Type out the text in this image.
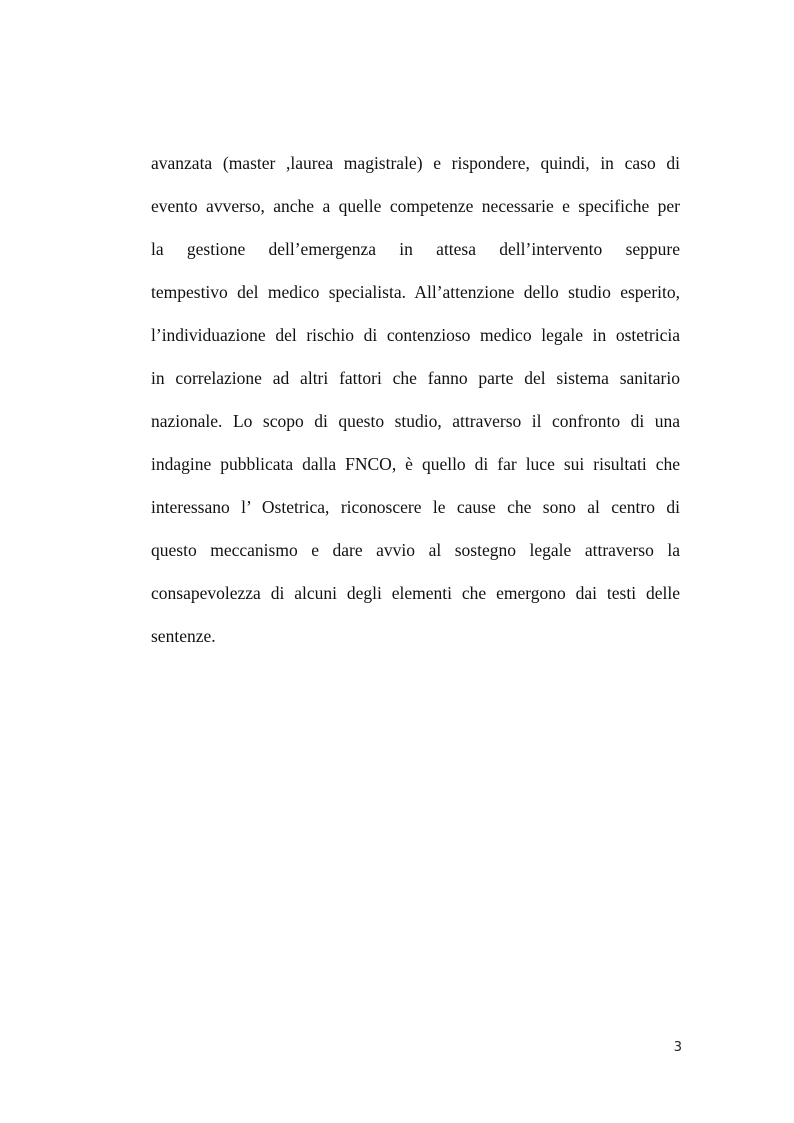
avanzata (master ,laurea magistrale) e rispondere, quindi, in caso di
evento avverso, anche a quelle competenze necessarie e specifiche per
la gestione dell’emergenza in attesa dell’intervento seppure
tempestivo del medico specialista. All’attenzione dello studio esperito,
l’individuazione del rischio di contenzioso medico legale in ostetricia
in correlazione ad altri fattori che fanno parte del sistema sanitario
nazionale. Lo scopo di questo studio, attraverso il confronto di una
indagine pubblicata dalla FNCO, è quello di far luce sui risultati che
interessano l’ Ostetrica, riconoscere le cause che sono al centro di
questo meccanismo e dare avvio al sostegno legale attraverso la
consapevolezza di alcuni degli elementi che emergono dai testi delle
sentenze.
3
